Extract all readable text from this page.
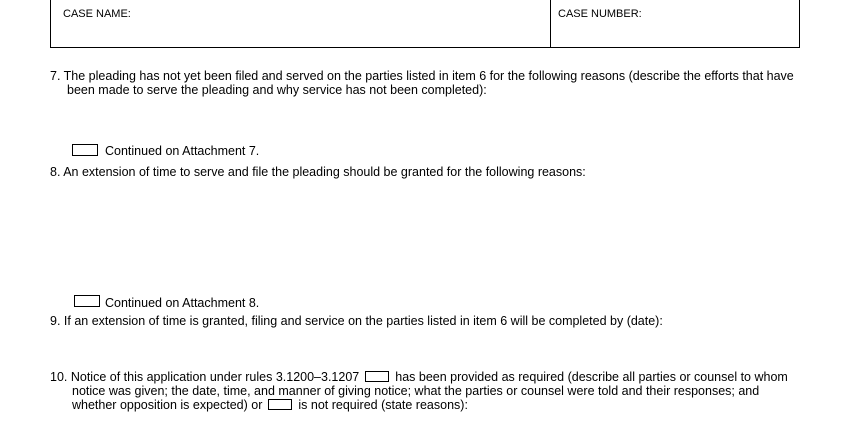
CASE NAME:	CASE NUMBER:
7. The pleading has not yet been filed and served on the parties listed in item 6 for the following reasons (describe the efforts that have
been made to serve the pleading and why service has not been completed):
Continued on Attachment 7.
8. An extension of time to serve and file the pleading should be granted for the following reasons:
Continued on Attachment 8.
9. If an extension of time is granted, filing and service on the parties listed in item 6 will be completed by (date):
10. Notice of this application under rules 3.1200–3.1207	has been provided as required (describe all parties or counsel to whom
notice was given; the date, time, and manner of giving notice; what the parties or counsel were told and their responses; and
whether opposition is expected) or	is not required (state reasons):
